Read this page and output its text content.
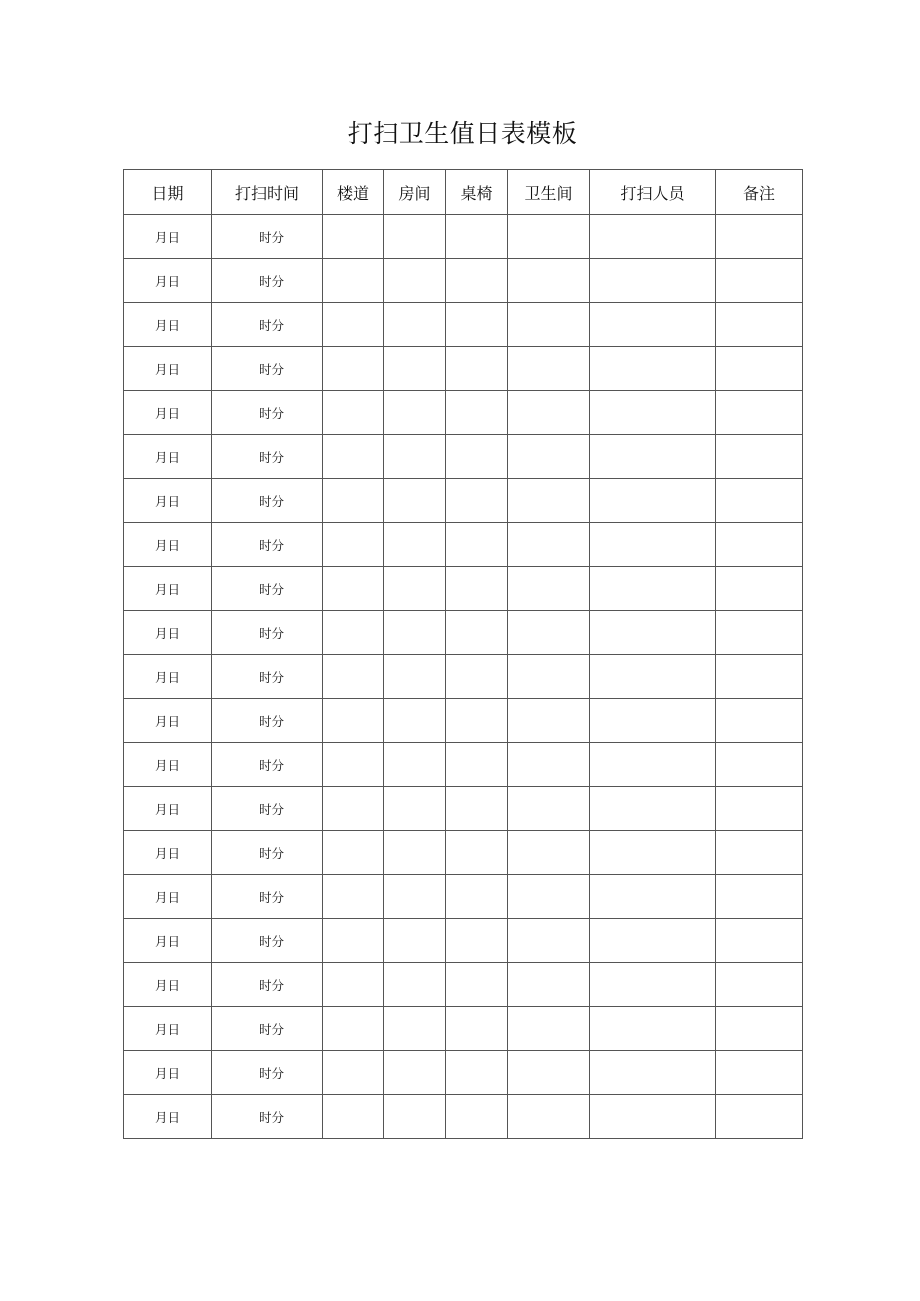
打扫卫生值日表模板
日期	打扫时间	楼道	房间	桌椅	卫生间	打扫人员	备注
月日	时分						
月日	时分						
月日	时分						
月日	时分						
月日	时分						
月日	时分						
月日	时分						
月日	时分						
月日	时分						
月日	时分						
月日	时分						
月日	时分						
月日	时分						
月日	时分						
月日	时分						
月日	时分						
月日	时分						
月日	时分						
月日	时分						
月日	时分						
月日	时分						
